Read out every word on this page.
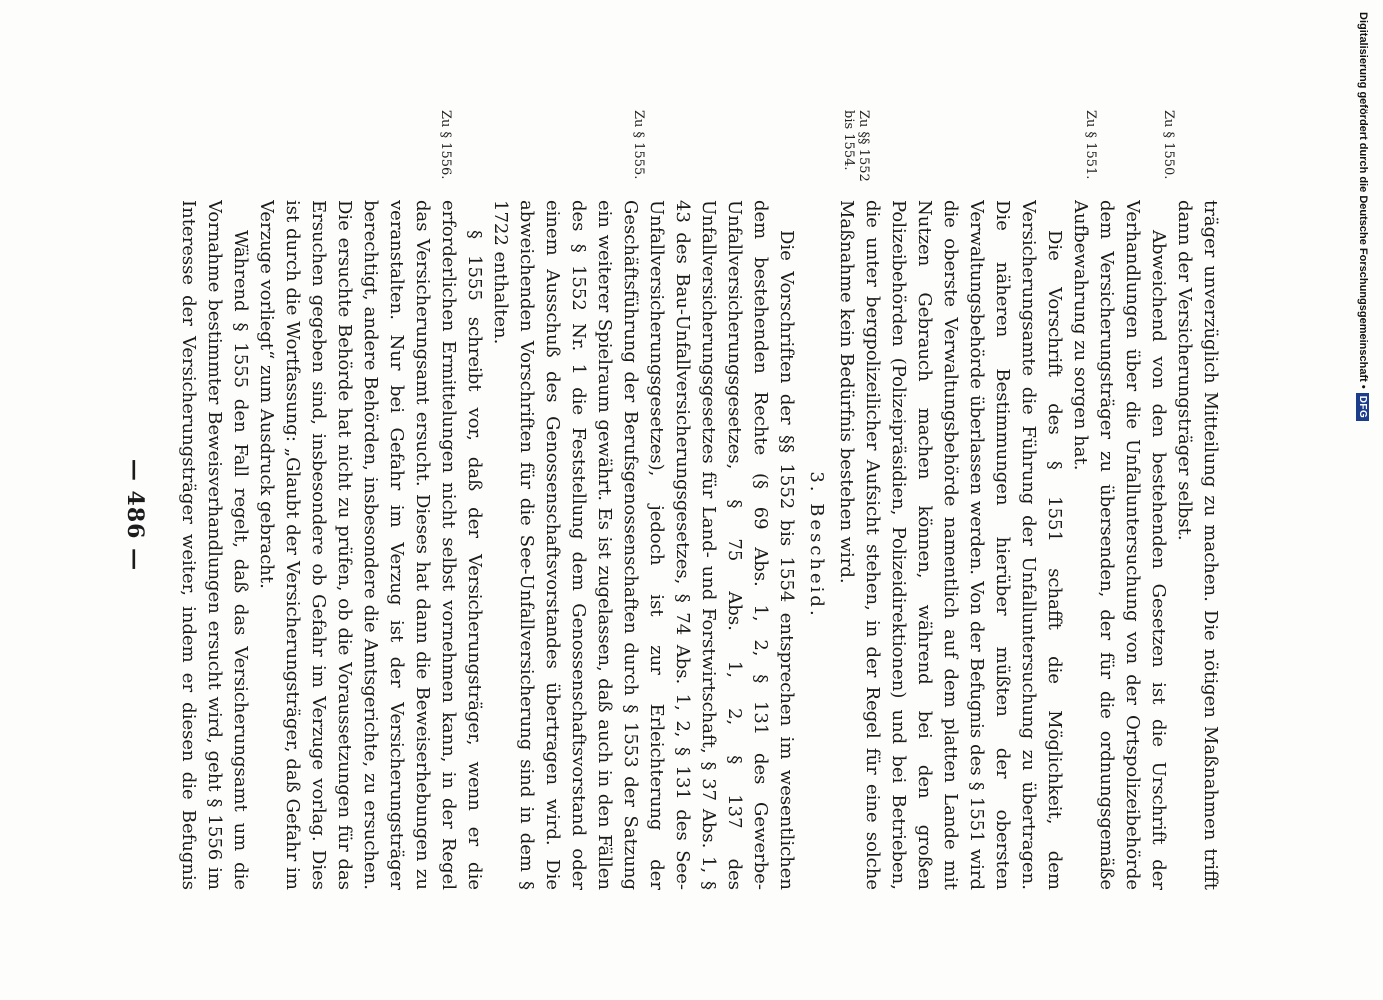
Digitalisierung gefördert durch die Deutsche Forschungsgemeinschaft •
DFG
— 486 —
Zu § 1550.
Zu § 1551.
Zu §§ 1552 bis 1554.
Zu § 1555.
Zu § 1556.

träger unverzüglich Mitteilung zu machen. Die nötigen Maßnahmen trifft dann der Versicherungsträger selbst.

Abweichend von den bestehenden Gesetzen ist die Urschrift der Verhandlungen über die Unfalluntersuchung von der Ortspolizeibehörde dem Versicherungsträger zu übersenden, der für die ordnungsgemäße Aufbewahrung zu sorgen hat.

Die Vorschrift des § 1551 schafft die Möglichkeit, dem Versicherungsamte die Führung der Unfalluntersuchung zu übertragen. Die näheren Bestimmungen hierüber müßten der obersten Verwaltungsbehörde überlassen werden. Von der Befugnis des § 1551 wird die oberste Verwaltungsbehörde namentlich auf dem platten Lande mit Nutzen Gebrauch machen können, während bei den großen Polizeibehörden (Polizeipräsidien, Polizeidirektionen) und bei Betrieben, die unter bergpolizeilicher Aufsicht stehen, in der Regel für eine solche Maßnahme kein Bedürfnis bestehen wird.

3. Bescheid.

Die Vorschriften der §§ 1552 bis 1554 entsprechen im wesentlichen dem bestehenden Rechte (§ 69 Abs. 1, 2, § 131 des Gewerbe-Unfallversicherungsgesetzes, § 75 Abs. 1, 2, § 137 des Unfallversicherungsgesetzes für Land- und Forstwirtschaft, § 37 Abs. 1, § 43 des Bau-Unfallversicherungsgesetzes, § 74 Abs. 1, 2, § 131 des See-Unfallversicherungsgesetzes), jedoch ist zur Erleichterung der Geschäftsführung der Berufsgenossenschaften durch § 1553 der Satzung ein weiterer Spielraum gewährt. Es ist zugelassen, daß auch in den Fällen des § 1552 Nr. 1 die Feststellung dem Genossenschaftsvorstand oder einem Ausschuß des Genossenschaftsvorstandes übertragen wird. Die abweichenden Vorschriften für die See-Unfallversicherung sind in dem § 1722 enthalten.

§ 1555 schreibt vor, daß der Versicherungsträger, wenn er die erforderlichen Ermittelungen nicht selbst vornehmen kann, in der Regel das Versicherungsamt ersucht. Dieses hat dann die Beweiserhebungen zu veranstalten. Nur bei Gefahr im Verzug ist der Versicherungsträger berechtigt, andere Behörden, insbesondere die Amtsgerichte, zu ersuchen. Die ersuchte Behörde hat nicht zu prüfen, ob die Voraussetzungen für das Ersuchen gegeben sind, insbesondere ob Gefahr im Verzuge vorlag. Dies ist durch die Wortfassung: „Glaubt der Versicherungsträger, daß Gefahr im Verzuge vorliegt“ zum Ausdruck gebracht.

Während § 1555 den Fall regelt, daß das Versicherungsamt um die Vornahme bestimmter Beweisverhandlungen ersucht wird, geht § 1556 im Interesse der Versicherungsträger weiter, indem er diesen die Befugnis
